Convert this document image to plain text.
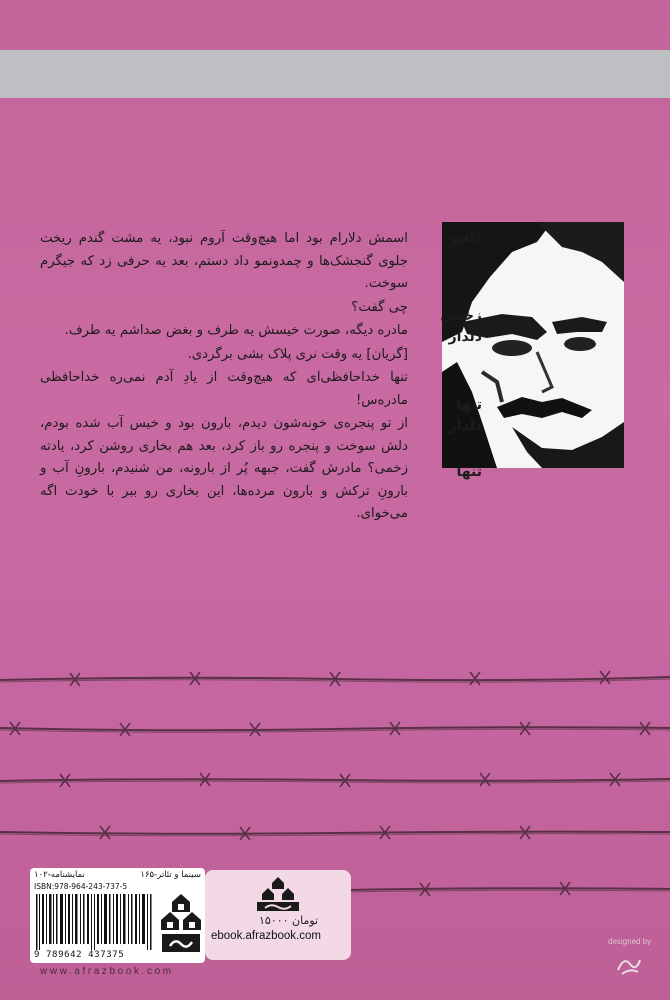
دلجو
زخمی
دلدار
تنها
دلدار
تنها

اسمش دلارام بود اما هیچ‌وقت آروم نبود، یه مشت گندم ریخت جلوی گنجشک‌ها و چمدونمو داد دستم، بعد یه حرفی زد که جیگرم سوخت.

چی گفت؟

مادره دیگه، صورت خیسش یه طرف و بغض صداشم یه طرف.

[گریان] یه وقت نری پلاک بشی برگردی.

تنها خداحافظی‌ای که هیچ‌وقت از یادِ آدم نمی‌ره خداحافظی مادره‌س!

از تو پنجره‌ی خونه‌شون دیدم، بارون بود و خیس آب شده بودم، دلش سوخت و پنجره رو باز کرد، بعد هم بخاری روشن کرد، یادته زخمی؟ مادرش گفت، جبهه پُر از بارونه، من شنیدم، بارونِ آب و بارونِ ترکش و بارون مرده‌ها، این بخاری رو ببر با خودت اگه می‌خوای.

سینما و تئاتر-۱۶۵
نمایشنامه-۱۰۲
ISBN:978-964-243-737-5
9 789642 437375
۱۵۰۰۰ تومان
ebook.afrazbook.com
www.afrazbook.com
designed by
